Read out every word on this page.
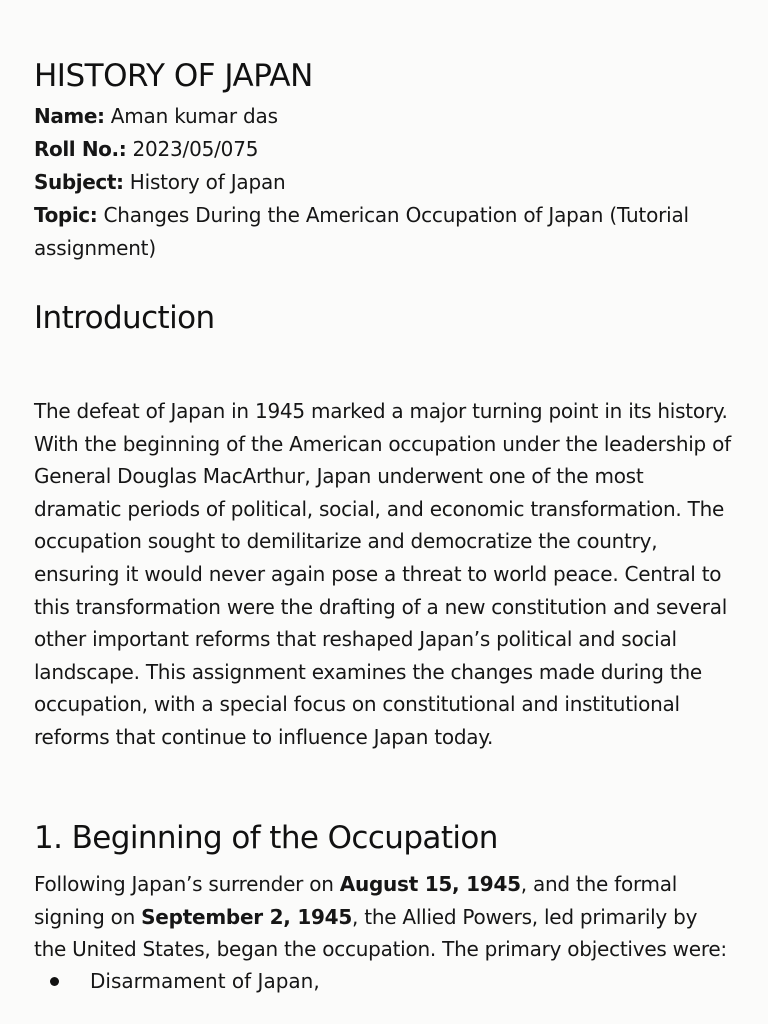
HISTORY OF JAPAN

Name: Aman kumar das

Roll No.: 2023/05/075

Subject: History of Japan

Topic: Changes During the American Occupation of Japan (Tutorial assignment)

Introduction

The defeat of Japan in 1945 marked a major turning point in its history. With the beginning of the American occupation under the leadership of General Douglas MacArthur, Japan underwent one of the most dramatic periods of political, social, and economic transformation. The occupation sought to demilitarize and democratize the country, ensuring it would never again pose a threat to world peace. Central to this transformation were the drafting of a new constitution and several other important reforms that reshaped Japan’s political and social landscape. This assignment examines the changes made during the occupation, with a special focus on constitutional and institutional reforms that continue to influence Japan today.

1. Beginning of the Occupation

Following Japan’s surrender on August 15, 1945, and the formal signing on September 2, 1945, the Allied Powers, led primarily by the United States, began the occupation. The primary objectives were:

Disarmament of Japan,
